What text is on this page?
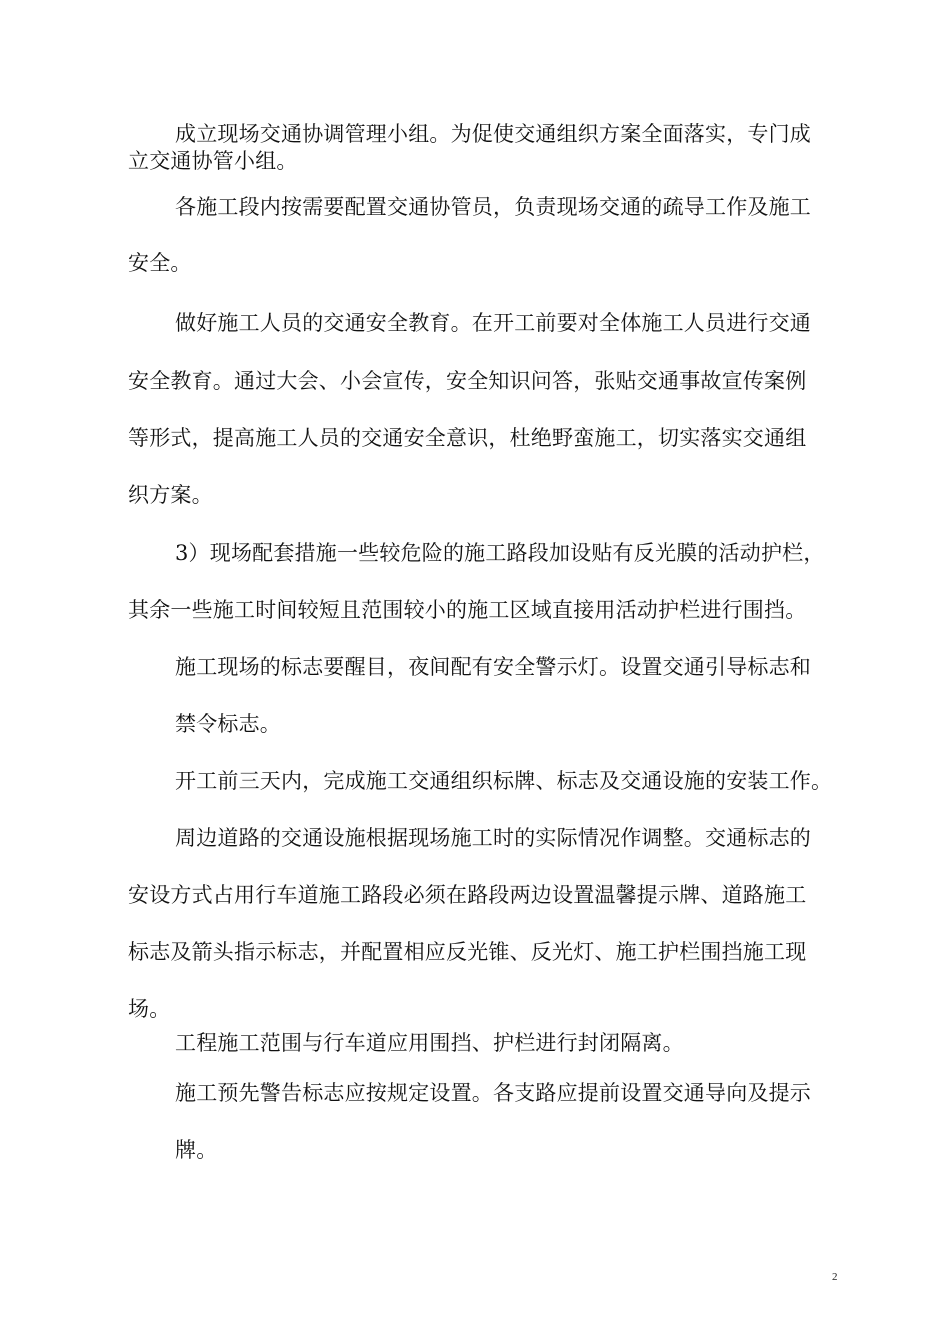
成立现场交通协调管理小组。为促使交通组织方案全面落实，专门成
立交通协管小组。
各施工段内按需要配置交通协管员，负责现场交通的疏导工作及施工
安全。
做好施工人员的交通安全教育。在开工前要对全体施工人员进行交通
安全教育。通过大会、小会宣传，安全知识问答，张贴交通事故宣传案例
等形式，提高施工人员的交通安全意识，杜绝野蛮施工，切实落实交通组
织方案。
3）现场配套措施一些较危险的施工路段加设贴有反光膜的活动护栏，
其余一些施工时间较短且范围较小的施工区域直接用活动护栏进行围挡。
施工现场的标志要醒目，夜间配有安全警示灯。设置交通引导标志和
禁令标志。
开工前三天内，完成施工交通组织标牌、标志及交通设施的安装工作。
周边道路的交通设施根据现场施工时的实际情况作调整。交通标志的
安设方式占用行车道施工路段必须在路段两边设置温馨提示牌、道路施工
标志及箭头指示标志，并配置相应反光锥、反光灯、施工护栏围挡施工现
场。
工程施工范围与行车道应用围挡、护栏进行封闭隔离。
施工预先警告标志应按规定设置。各支路应提前设置交通导向及提示
牌。
2
